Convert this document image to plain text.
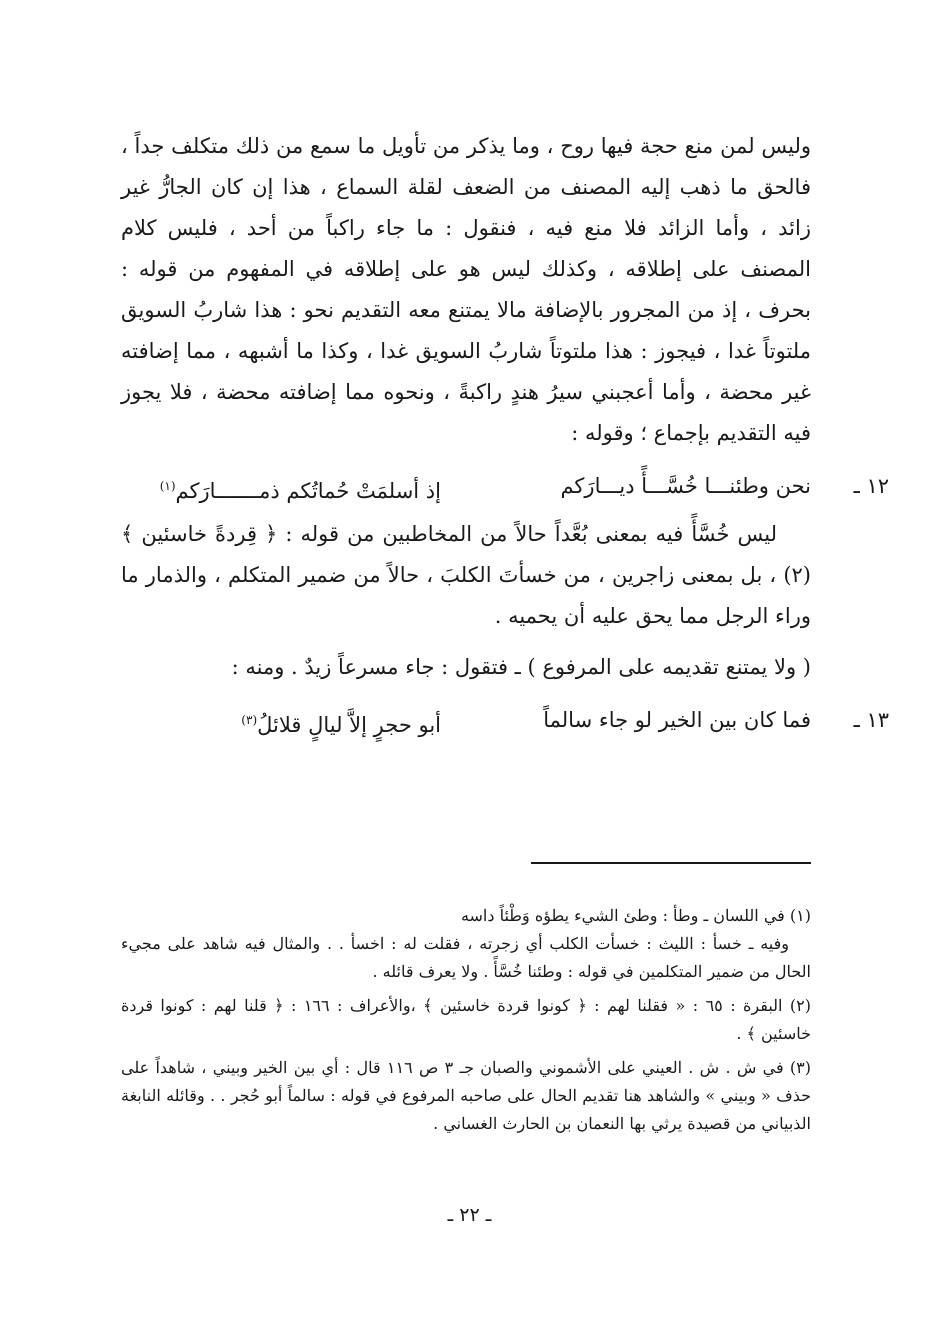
وليس لمن منع حجة فيها روح ، وما يذكر من تأويل ما سمع من ذلك متكلف جداً ، فالحق ما ذهب إليه المصنف من الضعف لقلة السماع ، هذا إن كان الجارُّ غير زائد ، وأما الزائد فلا منع فيه ، فنقول : ما جاء راكباً من أحد ، فليس كلام المصنف على إطلاقه ، وكذلك ليس هو على إطلاقه في المفهوم من قوله : بحرف ، إذ من المجرور بالإضافة مالا يمتنع معه التقديم نحو : هذا شاربُ السويق ملتوتاً غدا ، فيجوز : هذا ملتوتاً شاربُ السويق غدا ، وكذا ما أشبهه ، مما إضافته غير محضة ، وأما أعجبني سيرُ هندٍ راكبةً ، ونحوه مما إضافته محضة ، فلا يجوز فيه التقديم بإجماع ؛ وقوله :

١٢ ـ
نحن وطئنـــا خُسَّـــأً ديـــارَكم
إذ أسلمَتْ حُماتُكم ذمـــــــارَكم$^{(١)}$

ليس خُسَّأً فيه بمعنى بُعَّداً حالاً من المخاطبين من قوله : ﴿ قِردةً خاسئين ﴾(٢) ، بل بمعنى زاجرين ، من خسأتَ الكلبَ ، حالاً من ضمير المتكلم ، والذمار ما وراء الرجل مما يحق عليه أن يحميه .

( ولا يمتنع تقديمه على المرفوع ) ـ فتقول : جاء مسرعاً زيدٌ . ومنه :
١٣ ـ
فما كان بين الخير لو جاء سالماً
أبو حجرٍ إلاَّ ليالٍ قلائلُ$^{(٣)}$

(١) في اللسان ـ وطأ : وطئ الشيء يطؤه وَطْئاً داسه

وفيه ـ خسأ : الليث : خسأت الكلب أي زجرته ، فقلت له : اخسأ . . والمثال فيه شاهد على مجيء الحال من ضمير المتكلمين في قوله : وطئنا خُسَّأً . ولا يعرف قائله .

(٢) البقرة : ٦٥ : « فقلنا لهم : ﴿ كونوا قردة خاسئين ﴾ ،والأعراف : ١٦٦ : ﴿ قلنا لهم : كونوا قردة خاسئين ﴾ .

(٣) في ش . ش . العيني على الأشموني والصبان جـ ٣ ص ١١٦ قال : أي بين الخير وبيني ، شاهداً على حذف « وبيني » والشاهد هنا تقديم الحال على صاحبه المرفوع في قوله : سالماً أبو حُجر . . وقائله النابغة الذبياني من قصيدة يرثي بها النعمان بن الحارث الغساني .

ـ ٢٢ ـ
